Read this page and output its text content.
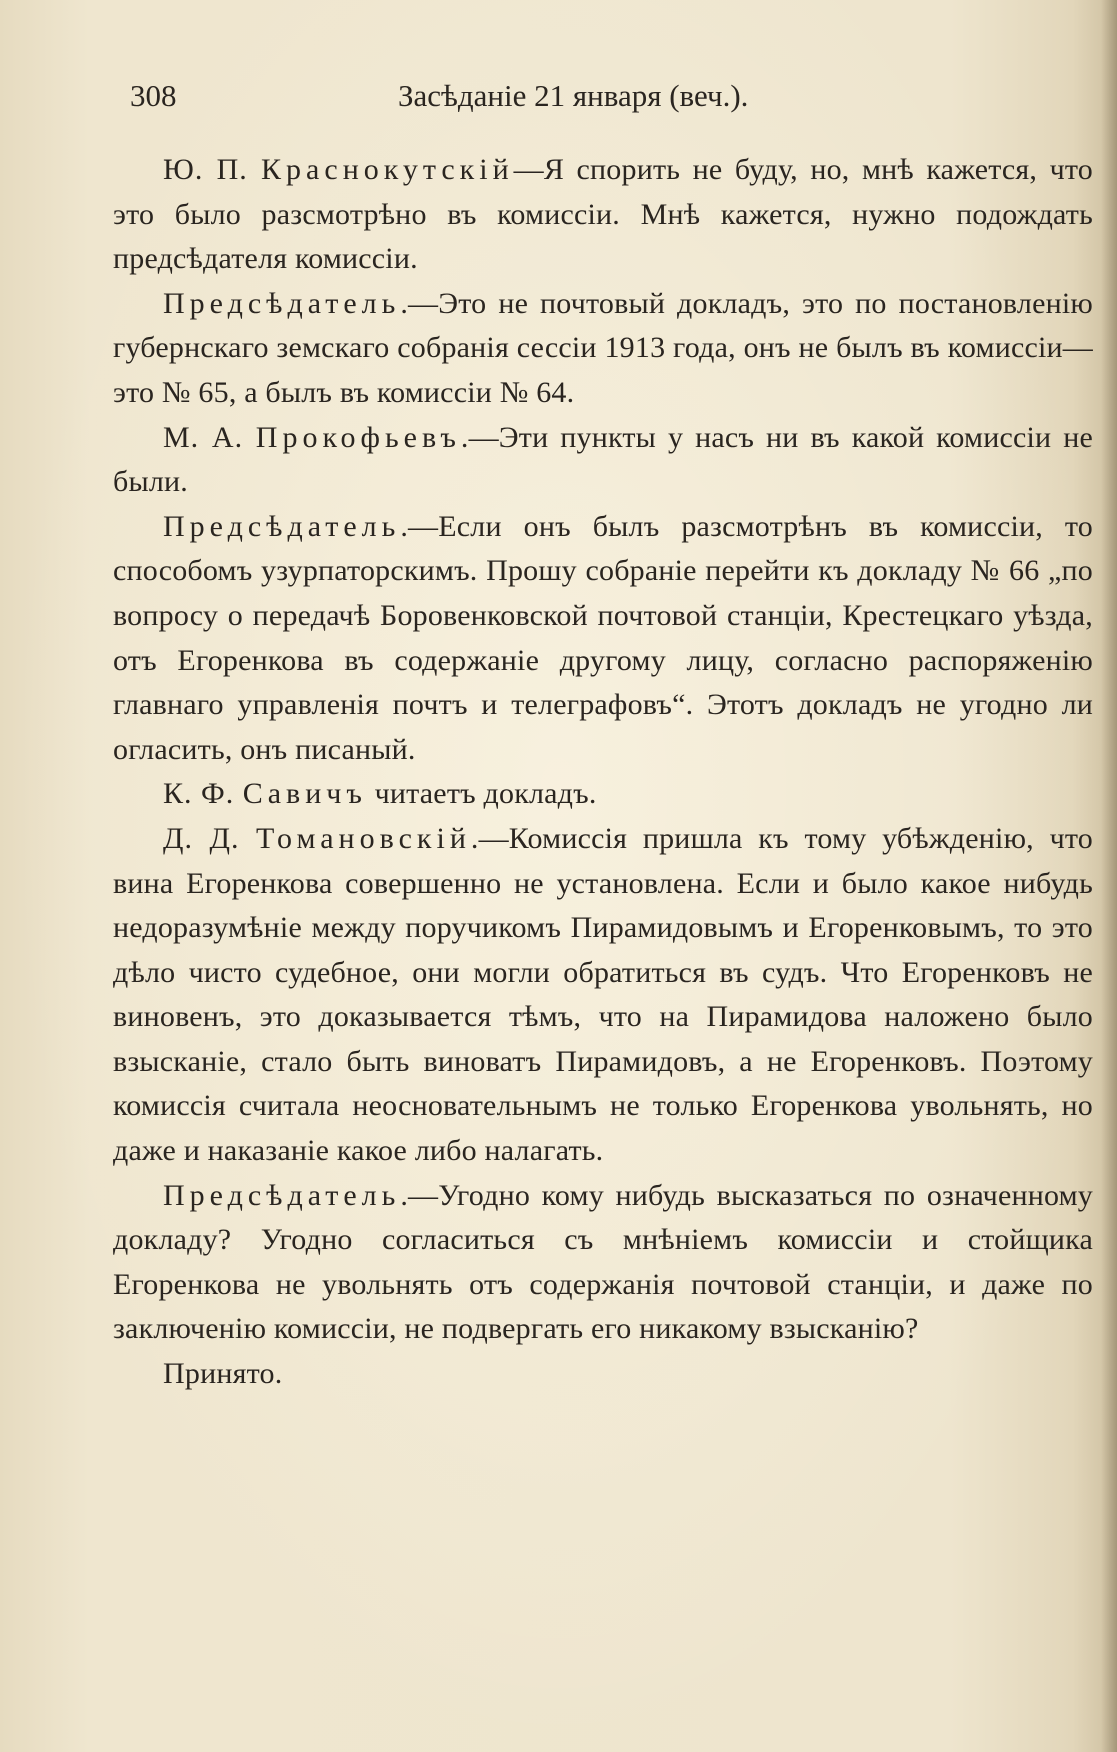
308	Засѣданіе 21 января (веч.).

Ю. П. Краснокутскій—Я спорить не буду, но, мнѣ кажется, что это было разсмотрѣно въ комиссіи. Мнѣ кажется, нужно подождать предсѣдателя комиссіи.

Предсѣдатель.—Это не почтовый докладъ, это по постановленію губернскаго земскаго собранія сессіи 1913 года, онъ не былъ въ комиссіи—это № 65, а былъ въ комиссіи № 64.

М. А. Прокофьевъ.—Эти пункты у насъ ни въ какой комиссіи не были.

Предсѣдатель.—Если онъ былъ разсмотрѣнъ въ комиссіи, то способомъ узурпаторскимъ. Прошу собраніе перейти къ докладу № 66 „по вопросу о передачѣ Боровенковской почтовой станціи, Крестецкаго уѣзда, отъ Егоренкова въ содержаніе другому лицу, согласно распоряженію главнаго управленія почтъ и телеграфовъ“. Этотъ докладъ не угодно ли огласить, онъ писаный.

К. Ф. Савичъ читаетъ докладъ.

Д. Д. Томановскій.—Комиссія пришла къ тому убѣжденію, что вина Егоренкова совершенно не установлена. Если и было какое нибудь недоразумѣніе между поручикомъ Пирамидовымъ и Егоренковымъ, то это дѣло чисто судебное, они могли обратиться въ судъ. Что Егоренковъ не виновенъ, это доказывается тѣмъ, что на Пирамидова наложено было взысканіе, стало быть виноватъ Пирамидовъ, а не Егоренковъ. Поэтому комиссія считала неосновательнымъ не только Егоренкова увольнять, но даже и наказаніе какое либо налагать.

Предсѣдатель.—Угодно кому нибудь высказаться по означенному докладу? Угодно согласиться съ мнѣніемъ комиссіи и стойщика Егоренкова не увольнять отъ содержанія почтовой станціи, и даже по заключенію комиссіи, не подвергать его никакому взысканію?

Принято.
